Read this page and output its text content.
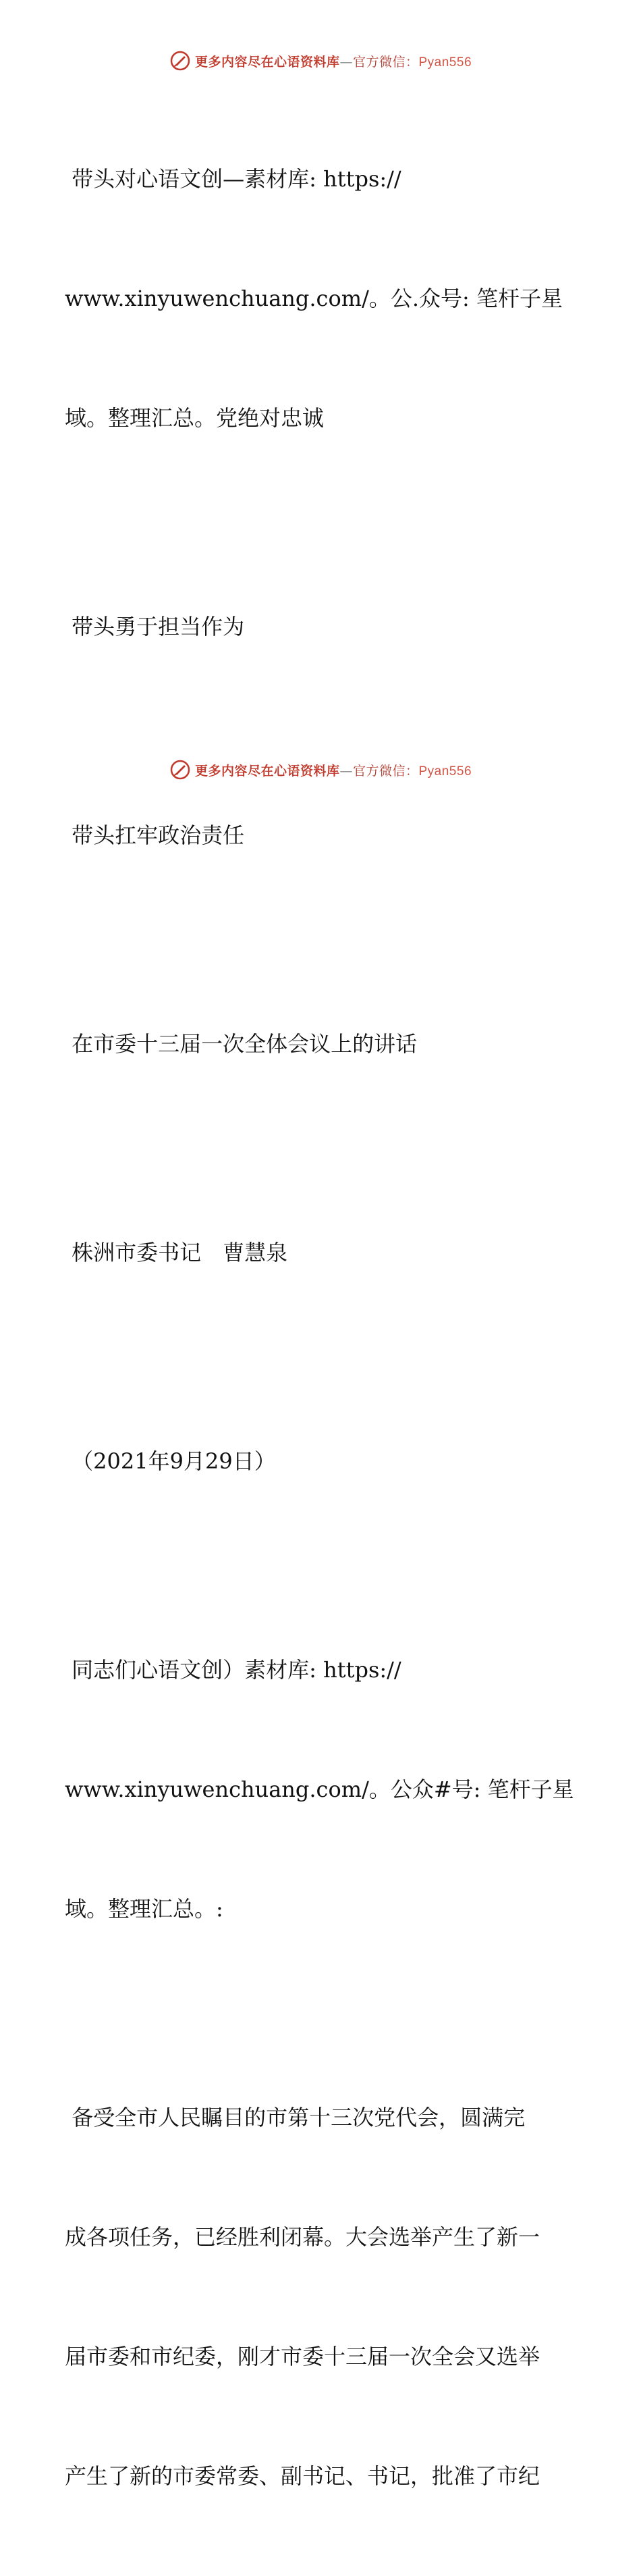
更多内容尽在心语资料库 — 官方微信： Pyan556

带头对心语文创—素材库: https://

www.xinyuwenchuang.com/。公.众号: 笔杆子星

域。整理汇总。党绝对忠诚

带头勇于担当作为

带头扛牢政治责任

在市委十三届一次全体会议上的讲话

株洲市委书记　曹慧泉

（2021年9月29日）

同志们心语文创）素材库: https://

www.xinyuwenchuang.com/。公众#号: 笔杆子星

域。整理汇总。:

备受全市人民瞩目的市第十三次党代会，圆满完

成各项任务，已经胜利闭幕。大会选举产生了新一

届市委和市纪委，刚才市委十三届一次全会又选举

产生了新的市委常委、副书记、书记，批准了市纪

更多内容尽在心语资料库 — 官方微信： Pyan556
